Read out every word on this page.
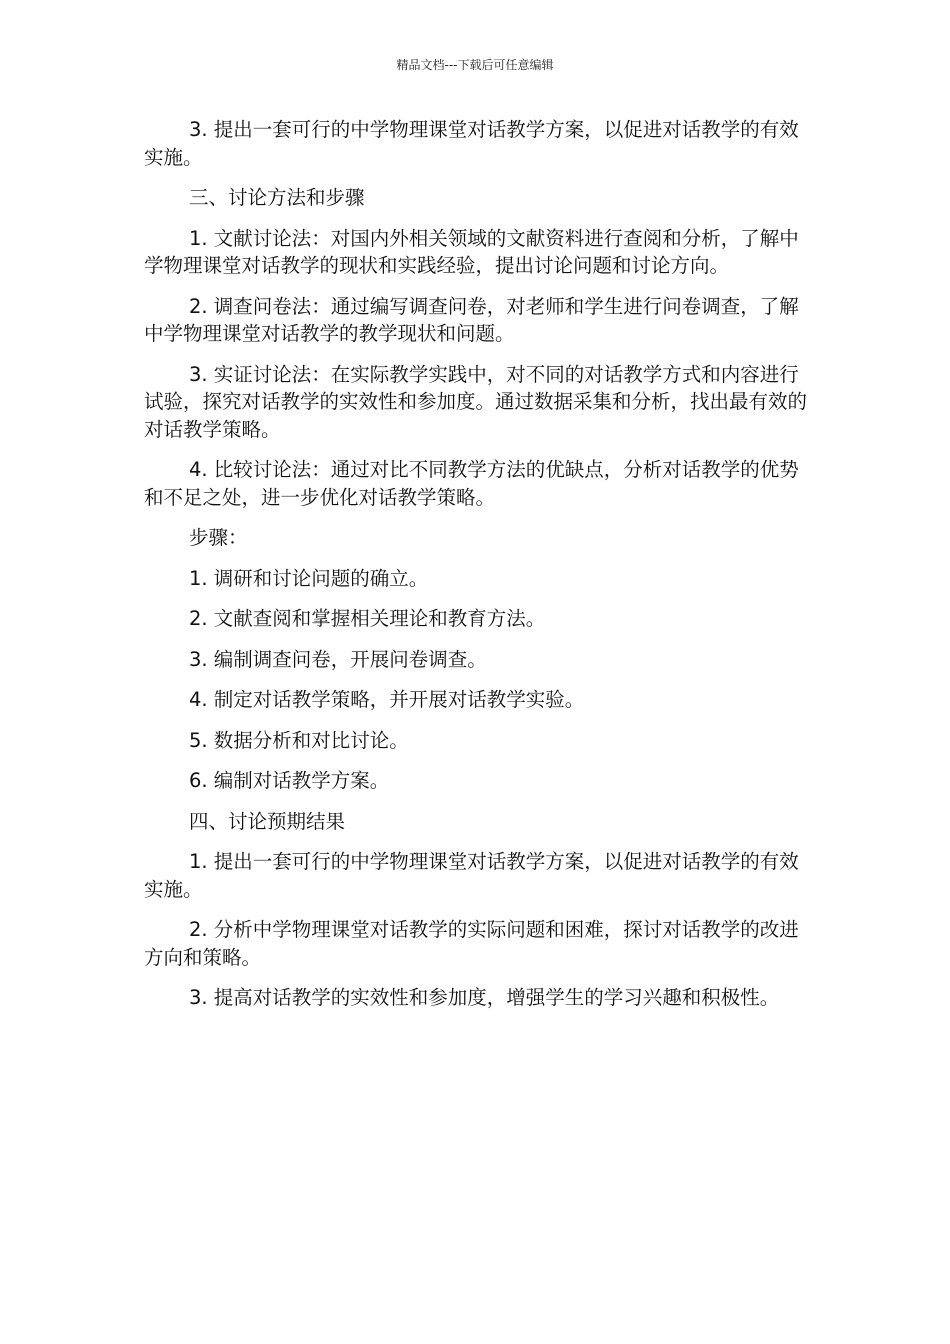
精品文档---下载后可任意编辑

3. 提出一套可行的中学物理课堂对话教学方案，以促进对话教学的有效实施。

三、讨论方法和步骤

1. 文献讨论法：对国内外相关领域的文献资料进行查阅和分析，了解中学物理课堂对话教学的现状和实践经验，提出讨论问题和讨论方向。

2. 调查问卷法：通过编写调查问卷，对老师和学生进行问卷调查，了解中学物理课堂对话教学的教学现状和问题。

3. 实证讨论法：在实际教学实践中，对不同的对话教学方式和内容进行试验，探究对话教学的实效性和参加度。通过数据采集和分析，找出最有效的对话教学策略。

4. 比较讨论法：通过对比不同教学方法的优缺点，分析对话教学的优势和不足之处，进一步优化对话教学策略。

步骤：

1. 调研和讨论问题的确立。

2. 文献查阅和掌握相关理论和教育方法。

3. 编制调查问卷，开展问卷调查。

4. 制定对话教学策略，并开展对话教学实验。

5. 数据分析和对比讨论。

6. 编制对话教学方案。

四、讨论预期结果

1. 提出一套可行的中学物理课堂对话教学方案，以促进对话教学的有效实施。

2. 分析中学物理课堂对话教学的实际问题和困难，探讨对话教学的改进方向和策略。

3. 提高对话教学的实效性和参加度，增强学生的学习兴趣和积极性。
